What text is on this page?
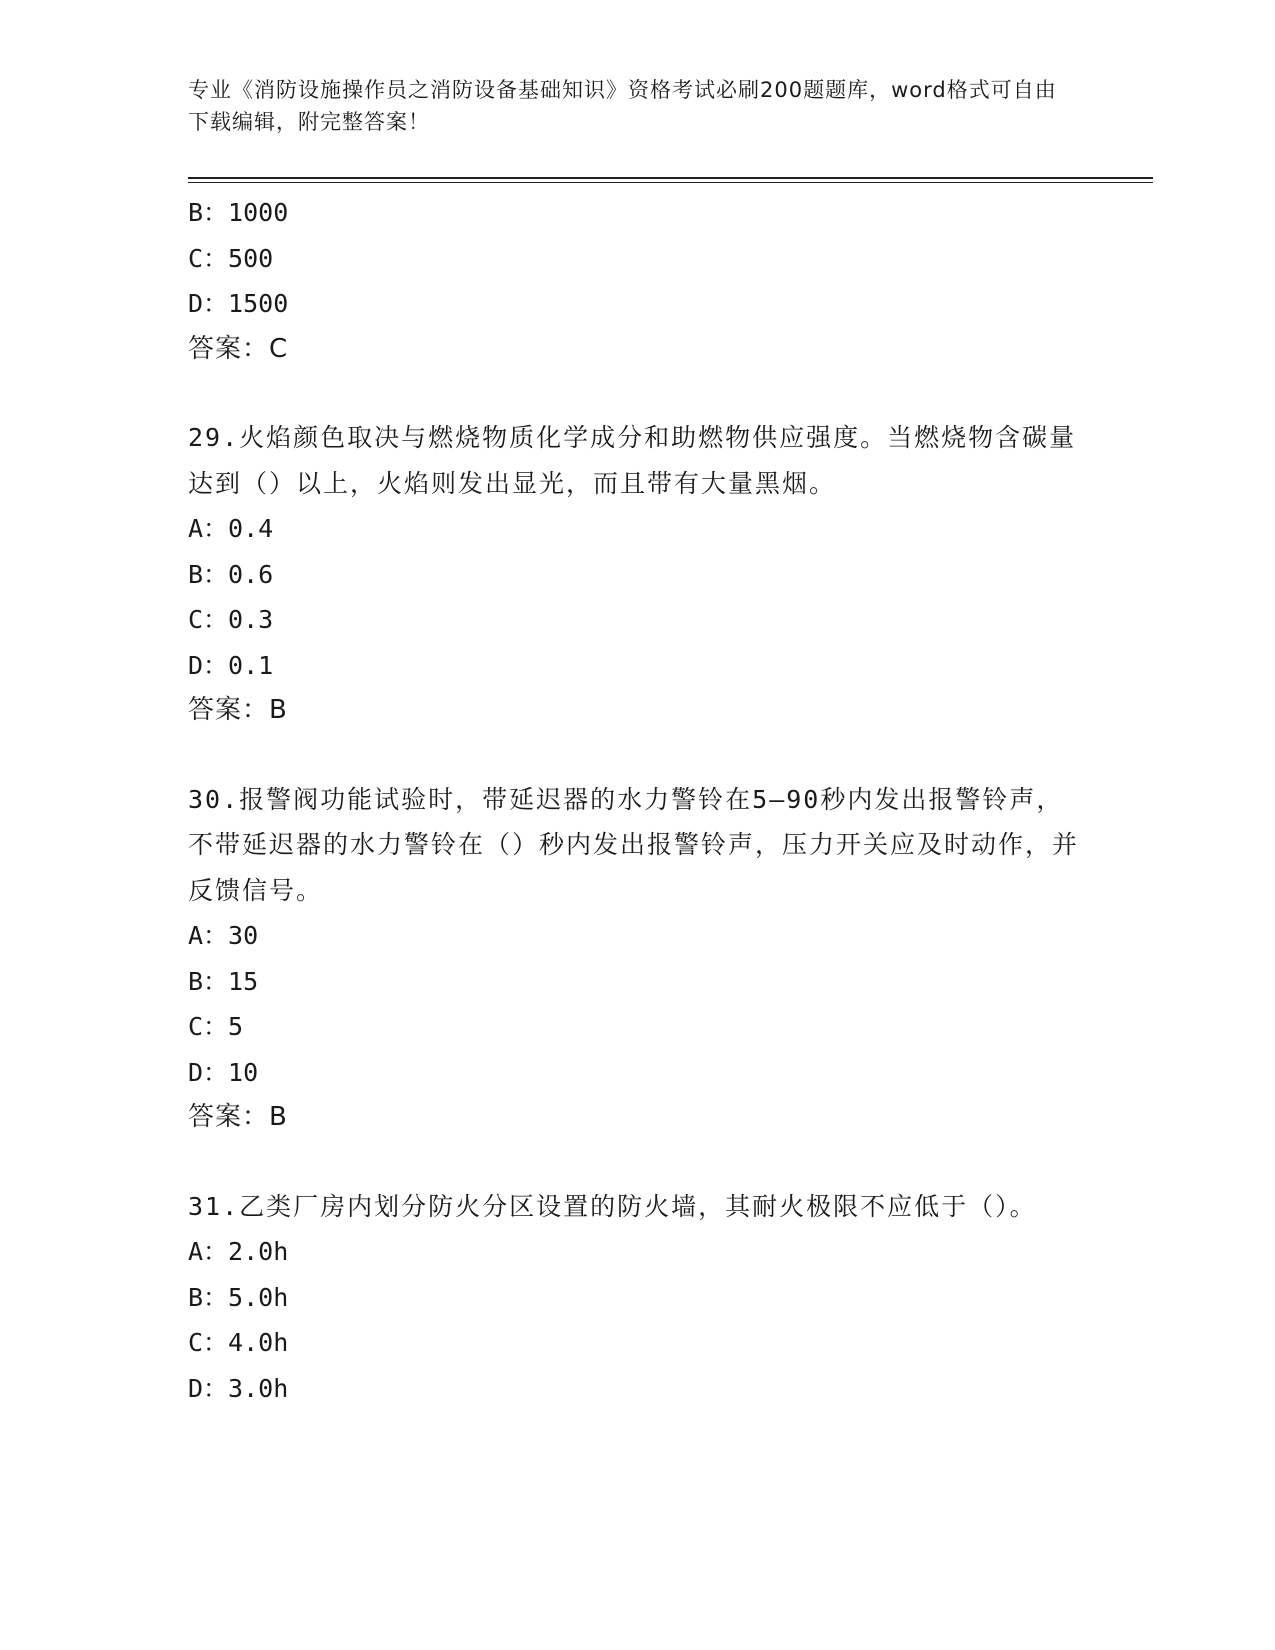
专业《消防设施操作员之消防设备基础知识》资格考试必刷200题题库，word格式可自由下载编辑，附完整答案！
B：1000
C：500
D：1500
答案：C
29.火焰颜色取决与燃烧物质化学成分和助燃物供应强度。当燃烧物含碳量达到（）以上，火焰则发出显光，而且带有大量黑烟。
A：0.4
B：0.6
C：0.3
D：0.1
答案：B
30.报警阀功能试验时，带延迟器的水力警铃在5—90秒内发出报警铃声，不带延迟器的水力警铃在（）秒内发出报警铃声，压力开关应及时动作，并反馈信号。
A：30
B：15
C：5
D：10
答案：B
31.乙类厂房内划分防火分区设置的防火墙，其耐火极限不应低于（）。
A：2.0h
B：5.0h
C：4.0h
D：3.0h
